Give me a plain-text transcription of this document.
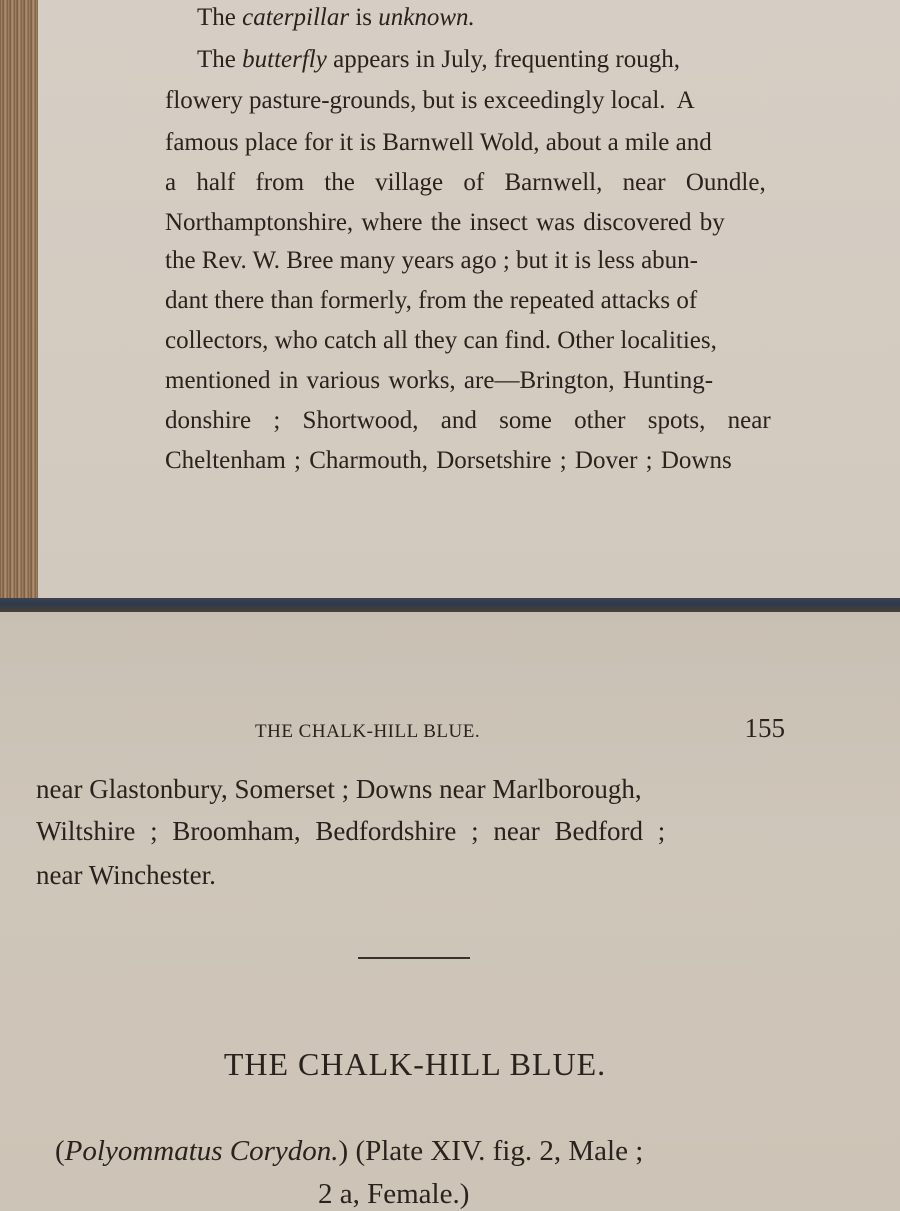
The caterpillar is unknown.
The butterfly appears in July, frequenting rough,
flowery pasture-grounds, but is exceedingly local.  A
famous place for it is Barnwell Wold, about a mile and
a half from the village of Barnwell, near Oundle,
Northamptonshire, where the insect was discovered by
the Rev. W. Bree many years ago ; but it is less abun-
dant there than formerly, from the repeated attacks of
collectors, who catch all they can find. Other localities,
mentioned in various works, are—Brington, Hunting-
donshire ; Shortwood, and some other spots, near
Cheltenham ; Charmouth, Dorsetshire ; Dover ; Downs
THE CHALK-HILL BLUE.	155
near Glastonbury, Somerset ; Downs near Marlborough,
Wiltshire ; Broomham, Bedfordshire ; near Bedford ;
near Winchester.
THE CHALK-HILL BLUE.
(Polyommatus Corydon.) (Plate XIV. fig. 2, Male ;
2 a, Female.)
